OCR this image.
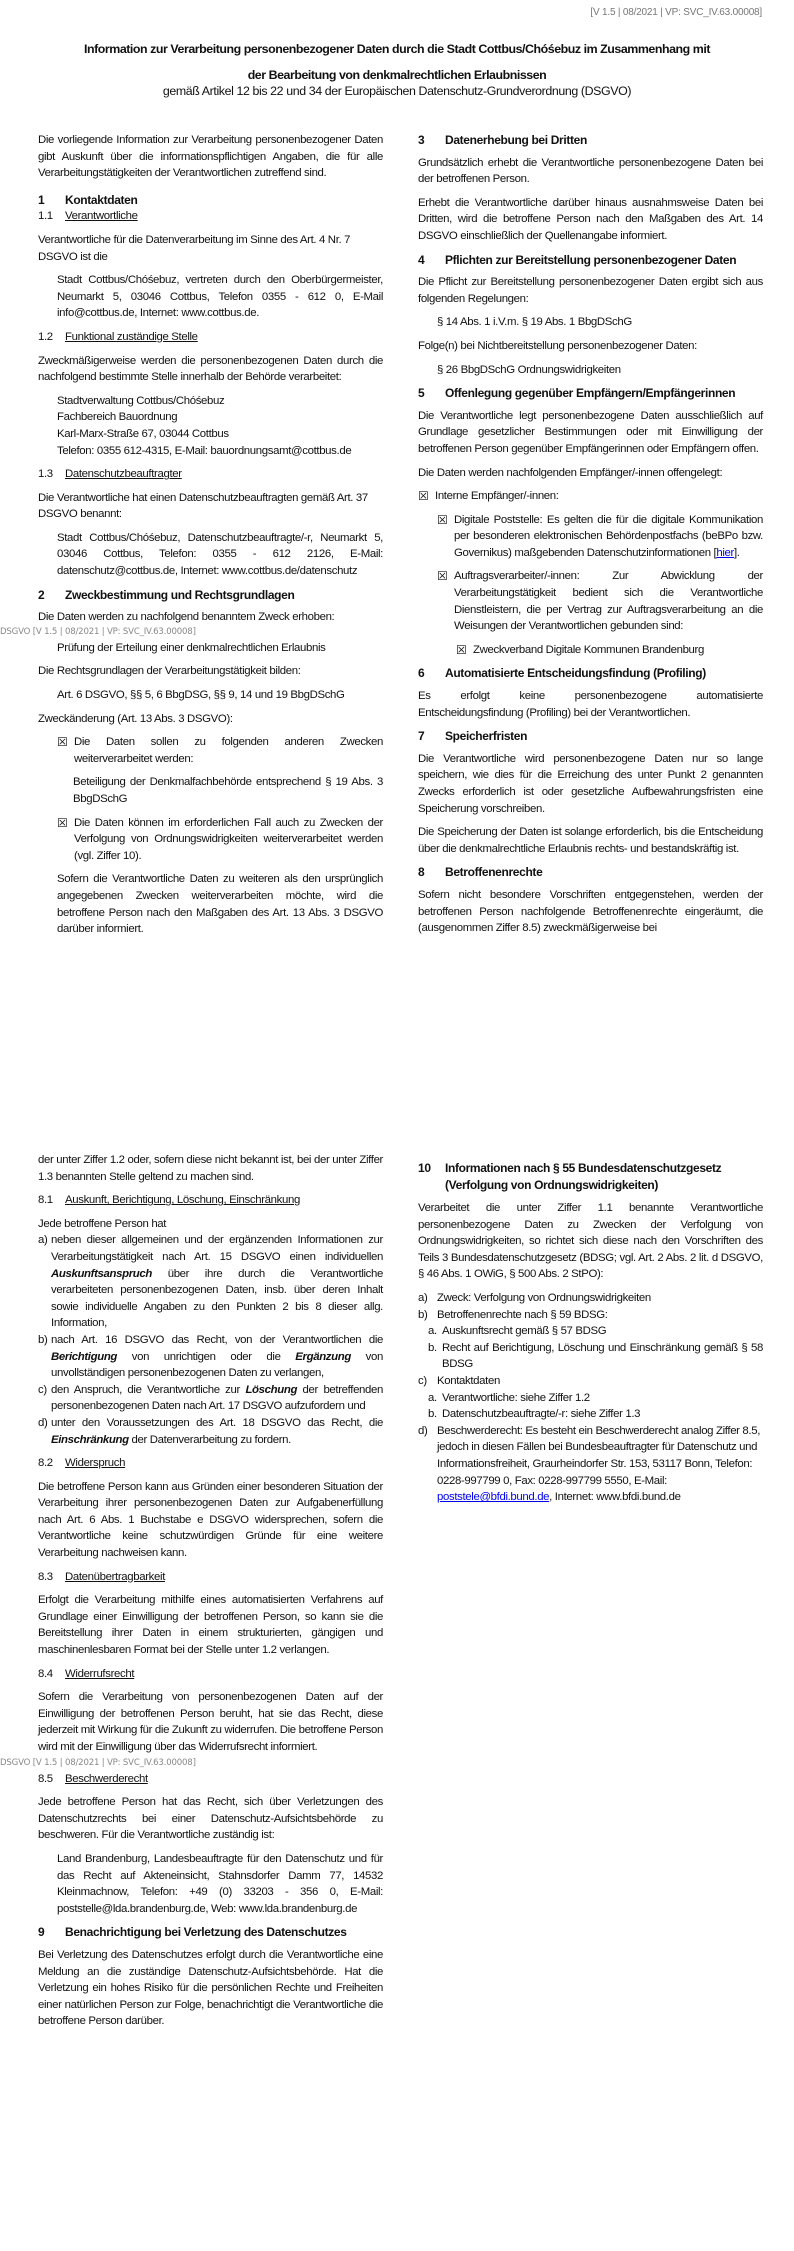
[V 1.5 | 08/2021 | VP: SVC_IV.63.00008]
Information zur Verarbeitung personenbezogener Daten durch die Stadt Cottbus/Chóśebuz im Zusammenhang mit
der Bearbeitung von denkmalrechtlichen Erlaubnissen
gemäß Artikel 12 bis 22 und 34 der Europäischen Datenschutz-Grundverordnung (DSGVO)

Die vorliegende Information zur Verarbeitung personenbezogener Daten gibt Auskunft über die informationspflichtigen Angaben, die für alle Verarbeitungstätigkeiten der Verantwortlichen zutreffend sind.

1	Kontaktdaten
1.1	Verantwortliche

Verantwortliche für die Datenverarbeitung im Sinne des Art. 4 Nr. 7 DSGVO ist die

Stadt Cottbus/Chóśebuz, vertreten durch den Oberbürgermeister, Neumarkt 5, 03046 Cottbus, Telefon 0355 - 612 0, E-Mail info@cottbus.de, Internet: www.cottbus.de.

1.2	Funktional zuständige Stelle

Zweckmäßigerweise werden die personenbezogenen Daten durch die nachfolgend bestimmte Stelle innerhalb der Behörde verarbeitet:

Stadtverwaltung Cottbus/Chóśebuz
Fachbereich Bauordnung
Karl-Marx-Straße 67, 03044 Cottbus
Telefon: 0355 612-4315, E-Mail: bauordnungsamt@cottbus.de

1.3	Datenschutzbeauftragter

Die Verantwortliche hat einen Datenschutzbeauftragten gemäß Art. 37 DSGVO benannt:

Stadt Cottbus/Chóśebuz, Datenschutzbeauftragte/-r, Neumarkt 5, 03046 Cottbus, Telefon: 0355 - 612 2126, E-Mail: datenschutz@cottbus.de, Internet: www.cottbus.de/datenschutz

2	Zweckbestimmung und Rechtsgrundlagen

Die Daten werden zu nachfolgend benanntem Zweck erhoben:

DSGVO [V 1.5 | 08/2021 | VP: SVC_IV.63.00008]

Prüfung der Erteilung einer denkmalrechtlichen Erlaubnis

Die Rechtsgrundlagen der Verarbeitungstätigkeit bilden:

Art. 6 DSGVO, §§ 5, 6 BbgDSG, §§ 9, 14 und 19 BbgDSchG

Zweckänderung (Art. 13 Abs. 3 DSGVO):

☒ Die Daten sollen zu folgenden anderen Zwecken weiterverarbeitet werden:

Beteiligung der Denkmalfachbehörde entsprechend § 19 Abs. 3 BbgDSchG

☒ Die Daten können im erforderlichen Fall auch zu Zwecken der Verfolgung von Ordnungswidrigkeiten weiterverarbeitet werden (vgl. Ziffer 10).

Sofern die Verantwortliche Daten zu weiteren als den ursprünglich angegebenen Zwecken weiterverarbeiten möchte, wird die betroffene Person nach den Maßgaben des Art. 13 Abs. 3 DSGVO darüber informiert.

3	Datenerhebung bei Dritten

Grundsätzlich erhebt die Verantwortliche personenbezogene Daten bei der betroffenen Person.

Erhebt die Verantwortliche darüber hinaus ausnahmsweise Daten bei Dritten, wird die betroffene Person nach den Maßgaben des Art. 14 DSGVO einschließlich der Quellenangabe informiert.

4	Pflichten zur Bereitstellung personenbezogener Daten

Die Pflicht zur Bereitstellung personenbezogener Daten ergibt sich aus folgenden Regelungen:

§ 14 Abs. 1 i.V.m. § 19 Abs. 1 BbgDSchG

Folge(n) bei Nichtbereitstellung personenbezogener Daten:

§ 26 BbgDSchG Ordnungswidrigkeiten

5	Offenlegung gegenüber Empfängern/Empfängerinnen

Die Verantwortliche legt personenbezogene Daten ausschließlich auf Grundlage gesetzlicher Bestimmungen oder mit Einwilligung der betroffenen Person gegenüber Empfängerinnen oder Empfängern offen.

Die Daten werden nachfolgenden Empfänger/-innen offengelegt:

☒ Interne Empfänger/-innen:
☒ Digitale Poststelle: Es gelten die für die digitale Kommunikation per besonderen elektronischen Behördenpostfachs (beBPo bzw. Governikus) maßgebenden Datenschutzinformationen [hier].
☒ Auftragsverarbeiter/-innen: Zur Abwicklung der Verarbeitungstätigkeit bedient sich die Verantwortliche Dienstleistern, die per Vertrag zur Auftragsverarbeitung an die Weisungen der Verantwortlichen gebunden sind:
☒ Zweckverband Digitale Kommunen Brandenburg
6	Automatisierte Entscheidungsfindung (Profiling)

Es erfolgt keine personenbezogene automatisierte Entscheidungsfindung (Profiling) bei der Verantwortlichen.

7	Speicherfristen

Die Verantwortliche wird personenbezogene Daten nur so lange speichern, wie dies für die Erreichung des unter Punkt 2 genannten Zwecks erforderlich ist oder gesetzliche Aufbewahrungsfristen eine Speicherung vorschreiben.

Die Speicherung der Daten ist solange erforderlich, bis die Entscheidung über die denkmalrechtliche Erlaubnis rechts- und bestandskräftig ist.

8	Betroffenenrechte

Sofern nicht besondere Vorschriften entgegenstehen, werden der betroffenen Person nachfolgende Betroffenenrechte eingeräumt, die (ausgenommen Ziffer 8.5) zweckmäßigerweise bei

der unter Ziffer 1.2 oder, sofern diese nicht bekannt ist, bei der unter Ziffer 1.3 benannten Stelle geltend zu machen sind.

8.1	Auskunft, Berichtigung, Löschung, Einschränkung
Jede betroffene Person hat
a) neben dieser allgemeinen und der ergänzenden Informationen zur Verarbeitungstätigkeit nach Art. 15 DSGVO einen individuellen Auskunftsanspruch über ihre durch die Verantwortliche verarbeiteten personenbezogenen Daten, insb. über deren Inhalt sowie individuelle Angaben zu den Punkten 2 bis 8 dieser allg. Information,
b) nach Art. 16 DSGVO das Recht, von der Verantwortlichen die Berichtigung von unrichtigen oder die Ergänzung von unvollständigen personenbezogenen Daten zu verlangen,
c) den Anspruch, die Verantwortliche zur Löschung der betreffenden personenbezogenen Daten nach Art. 17 DSGVO aufzufordern und
d) unter den Voraussetzungen des Art. 18 DSGVO das Recht, die Einschränkung der Datenverarbeitung zu fordern.
8.2	Widerspruch

Die betroffene Person kann aus Gründen einer besonderen Situation der Verarbeitung ihrer personenbezogenen Daten zur Aufgabenerfüllung nach Art. 6 Abs. 1 Buchstabe e DSGVO widersprechen, sofern die Verantwortliche keine schutzwürdigen Gründe für eine weitere Verarbeitung nachweisen kann.

8.3	Datenübertragbarkeit

Erfolgt die Verarbeitung mithilfe eines automatisierten Verfahrens auf Grundlage einer Einwilligung der betroffenen Person, so kann sie die Bereitstellung ihrer Daten in einem strukturierten, gängigen und maschinenlesbaren Format bei der Stelle unter 1.2 verlangen.

8.4	Widerrufsrecht

Sofern die Verarbeitung von personenbezogenen Daten auf der Einwilligung der betroffenen Person beruht, hat sie das Recht, diese jederzeit mit Wirkung für die Zukunft zu widerrufen. Die betroffene Person wird mit der Einwilligung über das Widerrufsrecht informiert.

DSGVO [V 1.5 | 08/2021 | VP: SVC_IV.63.00008]
8.5	Beschwerderecht

Jede betroffene Person hat das Recht, sich über Verletzungen des Datenschutzrechts bei einer Datenschutz-Aufsichtsbehörde zu beschweren. Für die Verantwortliche zuständig ist:

Land Brandenburg, Landesbeauftragte für den Datenschutz und für das Recht auf Akteneinsicht, Stahnsdorfer Damm 77, 14532 Kleinmachnow, Telefon: +49 (0) 33203 - 356 0, E-Mail: poststelle@lda.brandenburg.de, Web: www.lda.brandenburg.de

9	Benachrichtigung bei Verletzung des Datenschutzes

Bei Verletzung des Datenschutzes erfolgt durch die Verantwortliche eine Meldung an die zuständige Datenschutz-Aufsichtsbehörde. Hat die Verletzung ein hohes Risiko für die persönlichen Rechte und Freiheiten einer natürlichen Person zur Folge, benachrichtigt die Verantwortliche die betroffene Person darüber.

10	Informationen nach § 55 Bundesdatenschutzgesetz
(Verfolgung von Ordnungswidrigkeiten)

Verarbeitet die unter Ziffer 1.1 benannte Verantwortliche personenbezogene Daten zu Zwecken der Verfolgung von Ordnungswidrigkeiten, so richtet sich diese nach den Vorschriften des Teils 3 Bundesdatenschutzgesetz (BDSG; vgl. Art. 2 Abs. 2 lit. d DSGVO, § 46 Abs. 1 OWiG, § 500 Abs. 2 StPO):

a) Zweck: Verfolgung von Ordnungswidrigkeiten
b) Betroffenenrechte nach § 59 BDSG:
a. Auskunftsrecht gemäß § 57 BDSG
b. Recht auf Berichtigung, Löschung und Einschränkung gemäß § 58 BDSG
c) Kontaktdaten
a. Verantwortliche: siehe Ziffer 1.2
b. Datenschutzbeauftragte/-r: siehe Ziffer 1.3
d) Beschwerderecht: Es besteht ein Beschwerderecht analog Ziffer 8.5, jedoch in diesen Fällen bei Bundesbeauftragter für Datenschutz und Informationsfreiheit, Graurheindorfer Str. 153, 53117 Bonn, Telefon: 0228-997799 0, Fax: 0228-997799 5550, E-Mail: poststele@bfdi.bund.de, Internet: www.bfdi.bund.de
